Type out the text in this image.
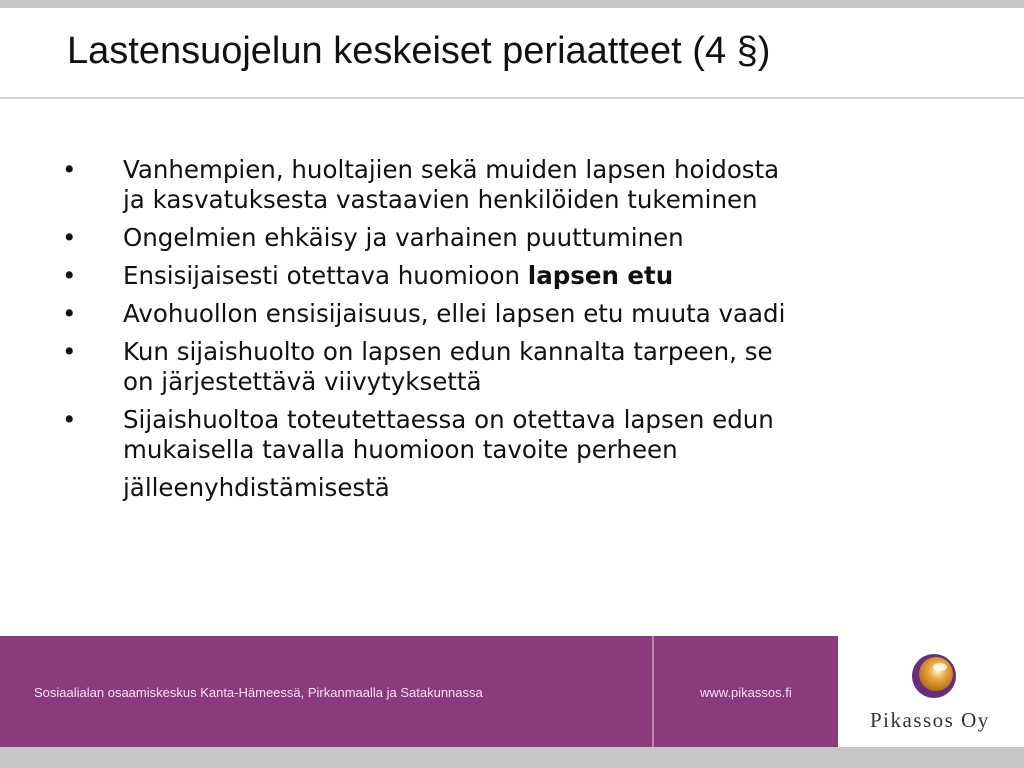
Lastensuojelun keskeiset periaatteet (4 §)
• Vanhempien, huoltajien sekä muiden lapsen hoidosta
ja kasvatuksesta vastaavien henkilöiden tukeminen
• Ongelmien ehkäisy ja varhainen puuttuminen
• Ensisijaisesti otettava huomioon lapsen etu
• Avohuollon ensisijaisuus, ellei lapsen etu muuta vaadi
• Kun sijaishuolto on lapsen edun kannalta tarpeen, se
on järjestettävä viivytyksettä
• Sijaishuoltoa toteutettaessa on otettava lapsen edun
mukaisella tavalla huomioon tavoite perheen
jälleenyhdistämisestä
Sosiaalialan osaamiskeskus Kanta-Hämeessä, Pirkanmaalla ja Satakunnassa	www.pikassos.fi
Pikassos Oy
